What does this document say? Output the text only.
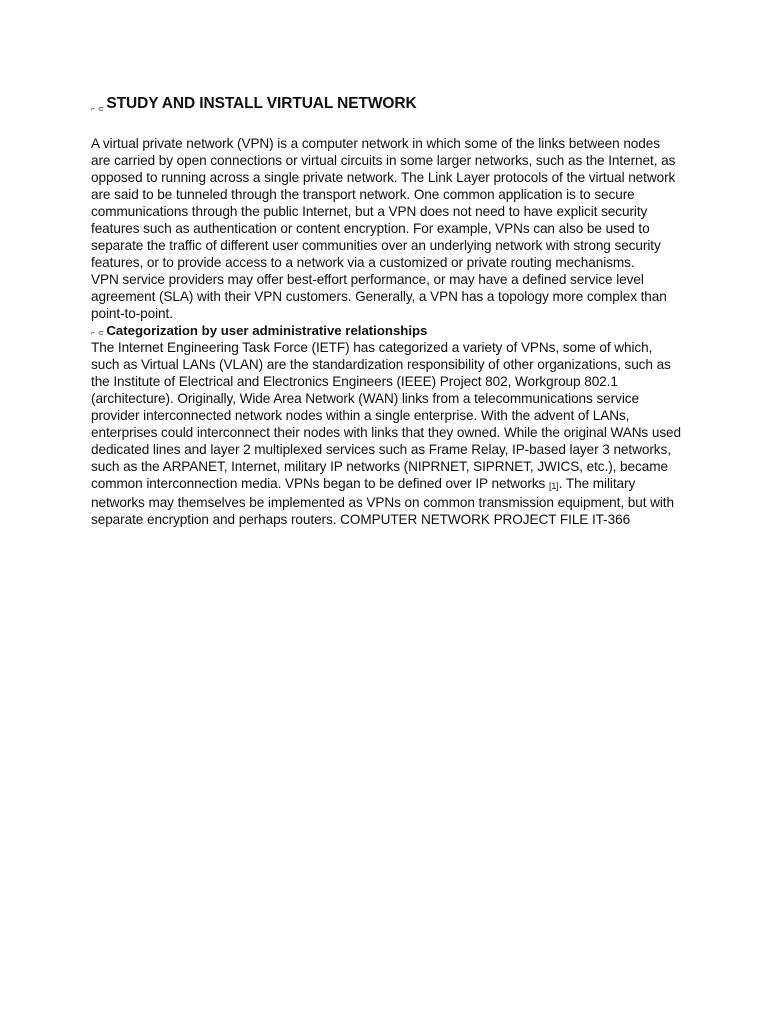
⌐ ⊂ STUDY AND INSTALL VIRTUAL NETWORK

A virtual private network (VPN) is a computer network in which some of the links between nodes are carried by open connections or virtual circuits in some larger networks, such as the Internet, as opposed to running across a single private network. The Link Layer protocols of the virtual network are said to be tunneled through the transport network. One common application is to secure communications through the public Internet, but a VPN does not need to have explicit security features such as authentication or content encryption. For example, VPNs can also be used to separate the traffic of different user communities over an underlying network with strong security features, or to provide access to a network via a customized or private routing mechanisms.

VPN service providers may offer best-effort performance, or may have a defined service level agreement (SLA) with their VPN customers. Generally, a VPN has a topology more complex than point-to-point.

⌐ ⊂ Categorization by user administrative relationships

The Internet Engineering Task Force (IETF) has categorized a variety of VPNs, some of which, such as Virtual LANs (VLAN) are the standardization responsibility of other organizations, such as the Institute of Electrical and Electronics Engineers (IEEE) Project 802, Workgroup 802.1 (architecture). Originally, Wide Area Network (WAN) links from a telecommunications service provider interconnected network nodes within a single enterprise. With the advent of LANs, enterprises could interconnect their nodes with links that they owned. While the original WANs used dedicated lines and layer 2 multiplexed services such as Frame Relay, IP-based layer 3 networks, such as the ARPANET, Internet, military IP networks (NIPRNET, SIPRNET, JWICS, etc.), became common interconnection media. VPNs began to be defined over IP networks [1]. The military networks may themselves be implemented as VPNs on common transmission equipment, but with separate encryption and perhaps routers. COMPUTER NETWORK PROJECT FILE IT-366
